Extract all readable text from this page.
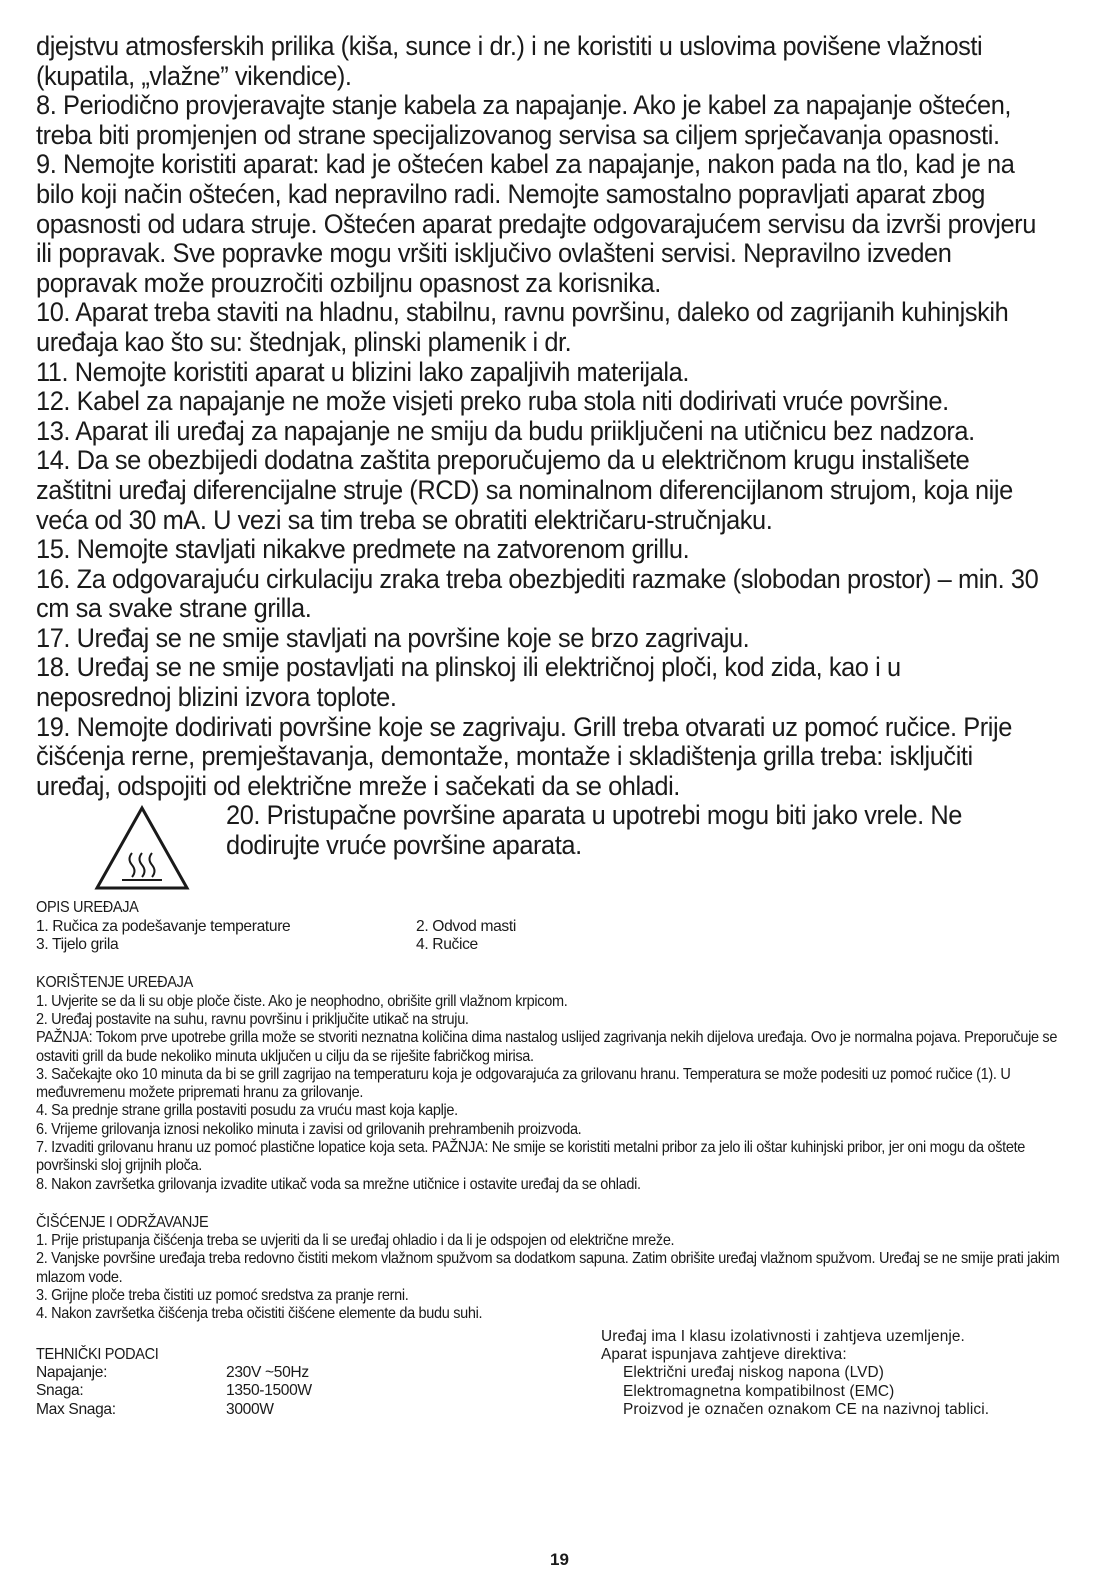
djejstvu atmosferskih prilika (kiša, sunce i dr.) i ne koristiti u uslovima povišene vlažnosti (kupatila, „vlažne” vikendice).

8. Periodično provjeravajte stanje kabela za napajanje. Ako je kabel za napajanje oštećen, treba biti promjenjen od strane specijalizovanog servisa sa ciljem sprječavanja opasnosti.

9. Nemojte koristiti aparat: kad je oštećen kabel za napajanje, nakon pada na tlo, kad je na bilo koji način oštećen, kad nepravilno radi. Nemojte samostalno popravljati aparat zbog opasnosti od udara struje. Oštećen aparat predajte odgovarajućem servisu da izvrši provjeru ili popravak. Sve popravke mogu vršiti isključivo ovlašteni servisi. Nepravilno izveden popravak može prouzročiti ozbiljnu opasnost za korisnika.

10. Aparat treba staviti na hladnu, stabilnu, ravnu površinu, daleko od zagrijanih kuhinjskih uređaja kao što su: štednjak, plinski plamenik i dr.

11. Nemojte koristiti aparat u blizini lako zapaljivih materijala.

12. Kabel za napajanje ne može visjeti preko ruba stola niti dodirivati vruće površine.

13. Aparat ili uređaj za napajanje ne smiju da budu priiključeni na utičnicu bez nadzora.

14. Da se obezbijedi dodatna zaštita preporučujemo da u električnom krugu instališete zaštitni uređaj diferencijalne struje (RCD) sa nominalnom diferencijlanom strujom, koja nije veća od 30 mA. U vezi sa tim treba se obratiti električaru-stručnjaku.

15. Nemojte stavljati nikakve predmete na zatvorenom grillu.

16. Za odgovarajuću cirkulaciju zraka treba obezbjediti razmake (slobodan prostor) – min. 30 cm sa svake strane grilla.

17. Uređaj se ne smije stavljati na površine koje se brzo zagrivaju.

18. Uređaj se ne smije postavljati na plinskoj ili električnoj ploči, kod zida, kao i u neposrednoj blizini izvora toplote.

19. Nemojte dodirivati površine koje se zagrivaju. Grill treba otvarati uz pomoć ručice. Prije čišćenja rerne, premještavanja, demontaže, montaže i skladištenja grilla treba: isključiti uređaj, odspojiti od električne mreže i sačekati da se ohladi.

20. Pristupačne površine aparata u upotrebi mogu biti jako vrele. Ne dodirujte vruće površine aparata.

OPIS UREĐAJA

1. Ručica za podešavanje temperature	2. Odvod masti
3. Tijelo grila	4. Ručice

KORIŠTENJE UREĐAJA

1. Uvjerite se da li su obje ploče čiste. Ako je neophodno, obrišite grill vlažnom krpicom.

2. Uređaj postavite na suhu, ravnu površinu i priključite utikač na struju.

PAŽNJA: Tokom prve upotrebe grilla može se stvoriti neznatna količina dima nastalog uslijed zagrivanja nekih dijelova uređaja. Ovo je normalna pojava. Preporučuje se ostaviti grill da bude nekoliko minuta uključen u cilju da se riješite fabričkog mirisa.

3. Sačekajte oko 10 minuta da bi se grill zagrijao na temperaturu koja je odgovarajuća za grilovanu hranu. Temperatura se može podesiti uz pomoć ručice (1). U međuvremenu možete pripremati hranu za grilovanje.

4. Sa prednje strane grilla postaviti posudu za vruću mast koja kaplje.

6. Vrijeme grilovanja iznosi nekoliko minuta i zavisi od grilovanih prehrambenih proizvoda.

7. Izvaditi grilovanu hranu uz pomoć plastične lopatice koja seta. PAŽNJA: Ne smije se koristiti metalni pribor za jelo ili oštar kuhinjski pribor, jer oni mogu da oštete površinski sloj grijnih ploča.

8. Nakon završetka grilovanja izvadite utikač voda sa mrežne utičnice i ostavite uređaj da se ohladi.

ČIŠĆENJE I ODRŽAVANJE

1. Prije pristupanja čišćenja treba se uvjeriti da li se uređaj ohladio i da li je odspojen od električne mreže.

2. Vanjske površine uređaja treba redovno čistiti mekom vlažnom spužvom sa dodatkom sapuna. Zatim obrišite uređaj vlažnom spužvom. Uređaj se ne smije prati jakim mlazom vode.

3. Grijne ploče treba čistiti uz pomoć sredstva za pranje rerni.

4. Nakon završetka čišćenja treba očistiti čišćene elemente da budu suhi.

TEHNIČKI PODACI

Napajanje:	230V ~50Hz
Snaga:	1350-1500W
Max Snaga:	3000W
Uređaj ima I klasu izolativnosti i zahtjeva uzemljenje.
Aparat ispunjava zahtjeve direktiva:
Električni uređaj niskog napona (LVD)
Elektromagnetna kompatibilnost (EMC)
Proizvod je označen oznakom CE na nazivnoj tablici.
19
